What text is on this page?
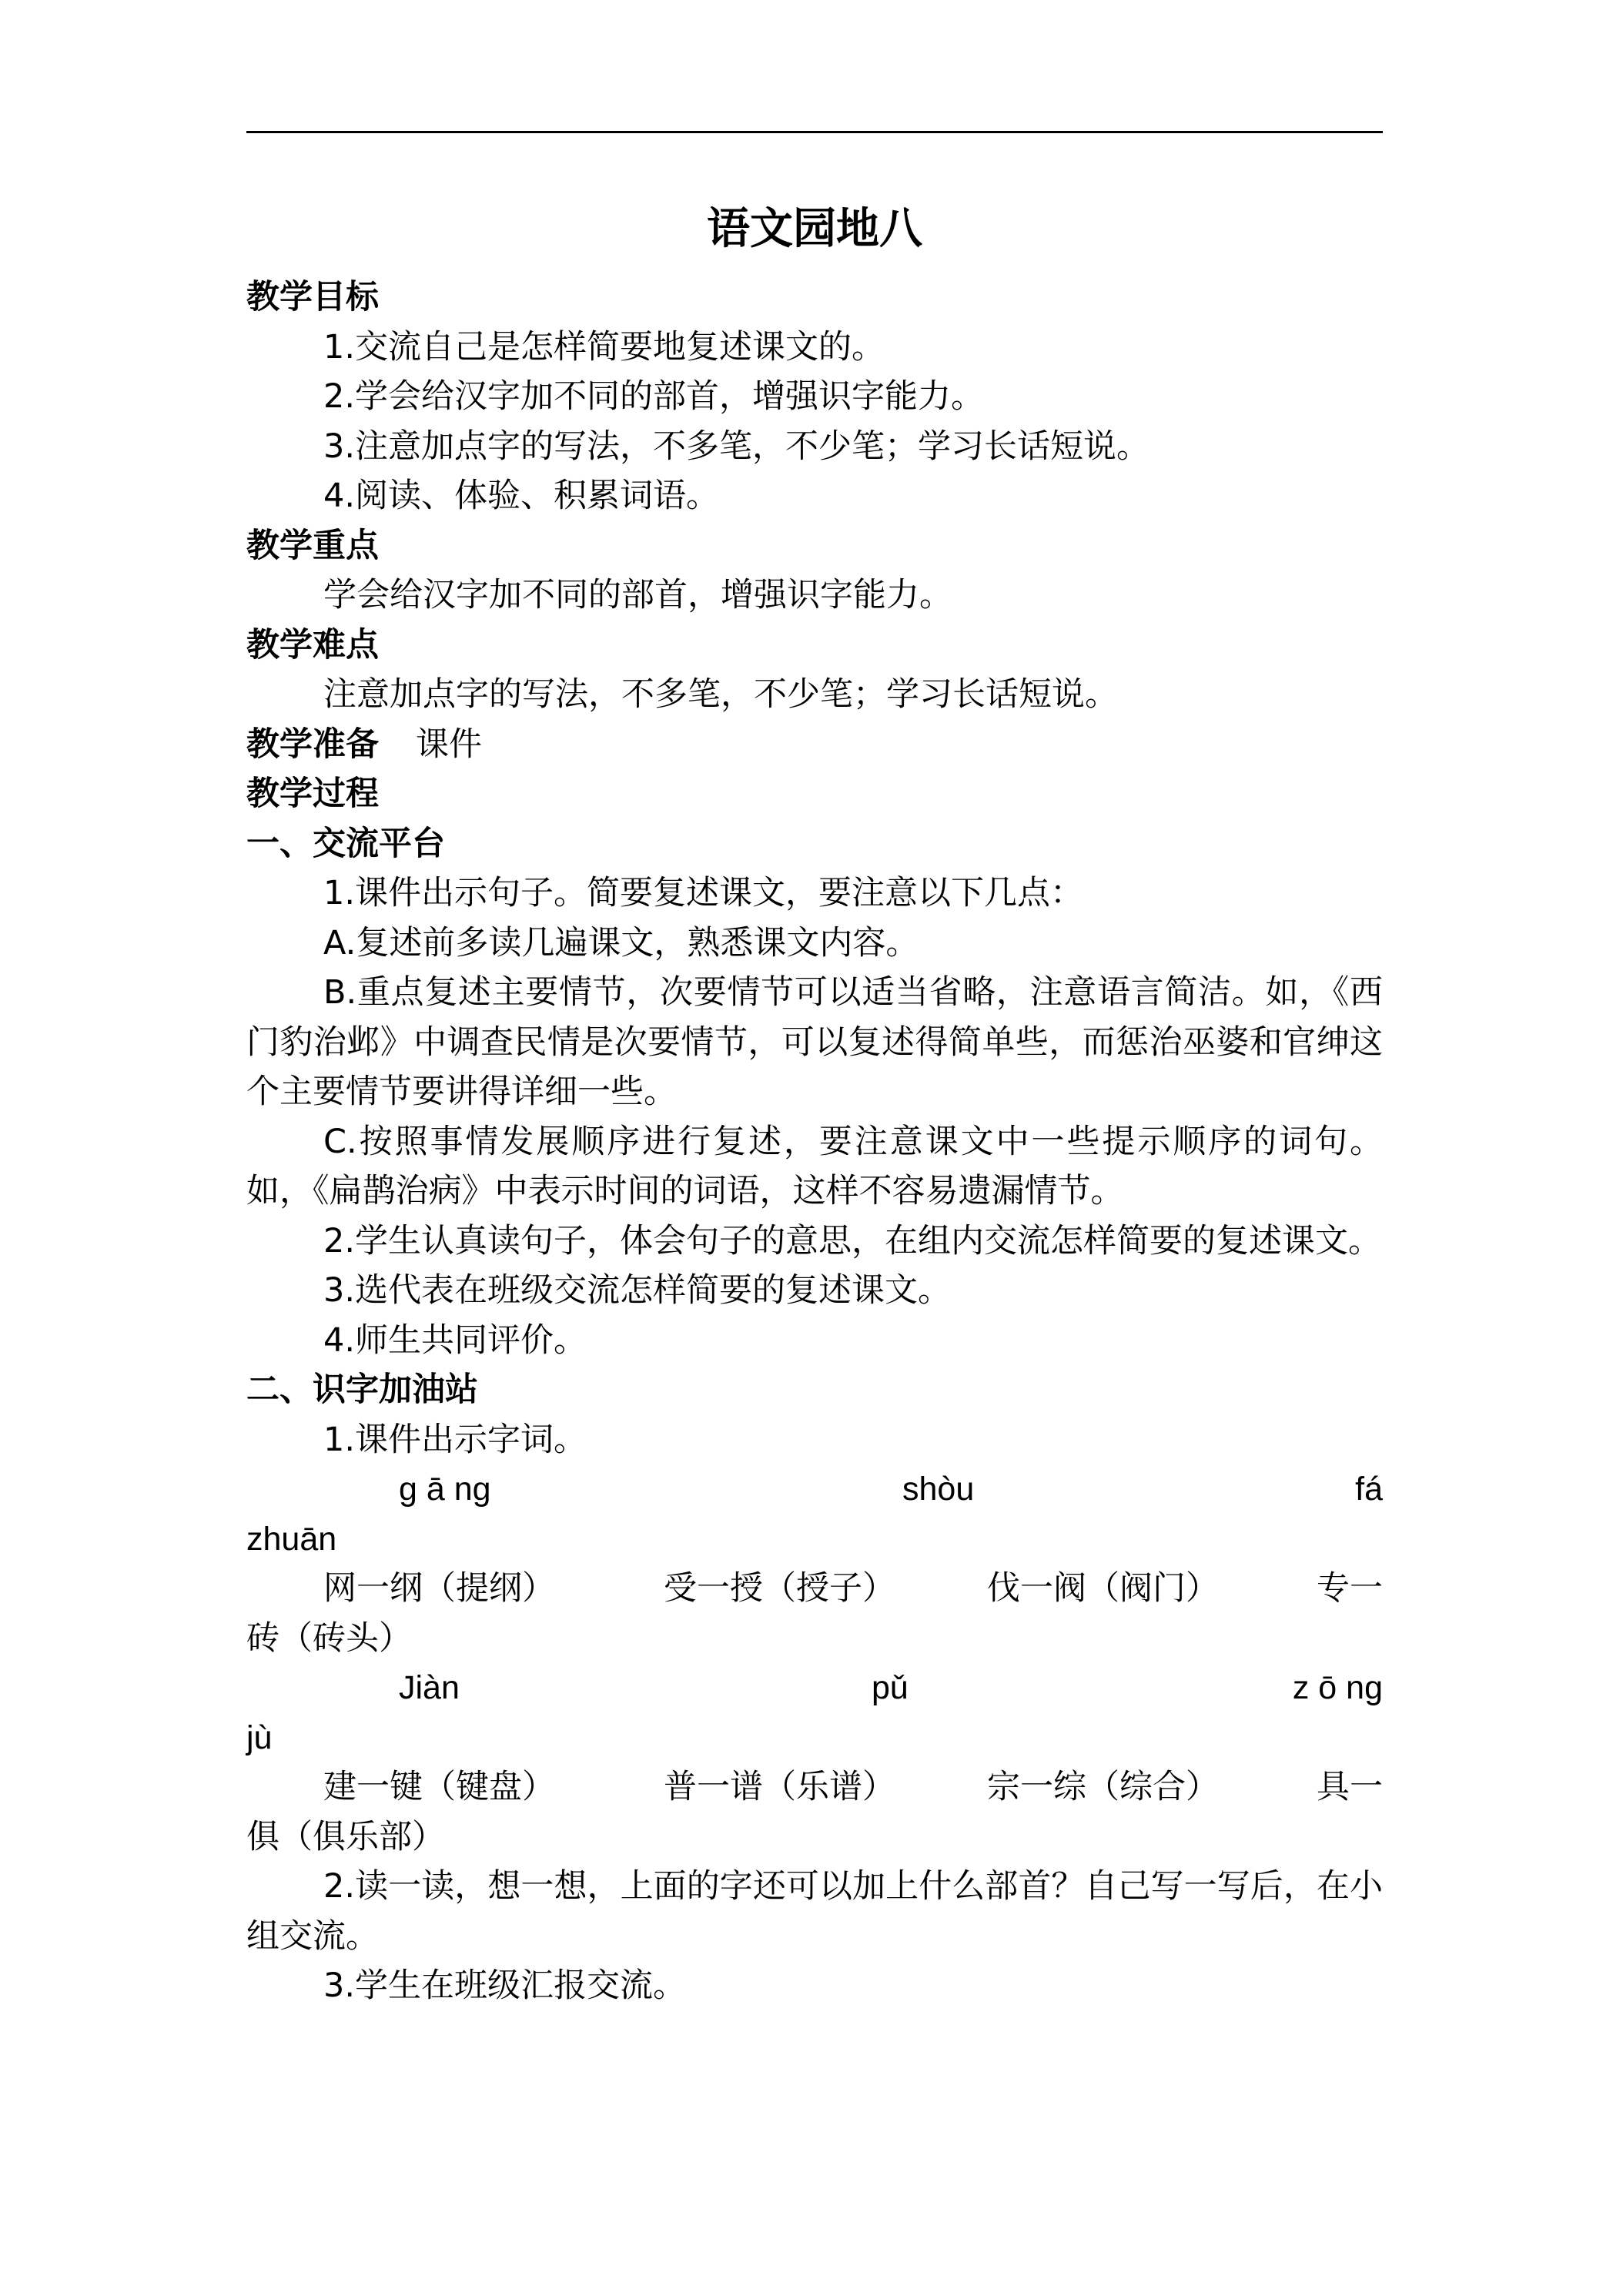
语文园地八
教学目标
1.交流自己是怎样简要地复述课文的。
2.学会给汉字加不同的部首，增强识字能力。
3.注意加点字的写法，不多笔，不少笔；学习长话短说。
4.阅读、体验、积累词语。
教学重点
学会给汉字加不同的部首，增强识字能力。
教学难点
注意加点字的写法，不多笔，不少笔；学习长话短说。
教学准备 课件
教学过程
一、交流平台
1.课件出示句子。简要复述课文，要注意以下几点：
A.复述前多读几遍课文，熟悉课文内容。

B.重点复述主要情节，次要情节可以适当省略，注意语言简洁。如，《西门豹治邺》中调查民情是次要情节，可以复述得简单些，而惩治巫婆和官绅这个主要情节要讲得详细一些。

C.按照事情发展顺序进行复述，要注意课文中一些提示顺序的词句。如，《扁鹊治病》中表示时间的词语，这样不容易遗漏情节。

2.学生认真读句子，体会句子的意思，在组内交流怎样简要的复述课文。

3.选代表在班级交流怎样简要的复述课文。
4.师生共同评价。
二、识字加油站
1.课件出示字词。
g ā ng	shòu	fá
zhuān
网一纲（提纲）	受一授（授子）	伐一阀（阀门）	专一
砖（砖头）
Jiàn	pǔ	z ō ng
jù
建一键（键盘）	普一谱（乐谱）	宗一综（综合）	具一
俱（俱乐部）

2.读一读，想一想，上面的字还可以加上什么部首？自己写一写后，在小组交流。

3.学生在班级汇报交流。
